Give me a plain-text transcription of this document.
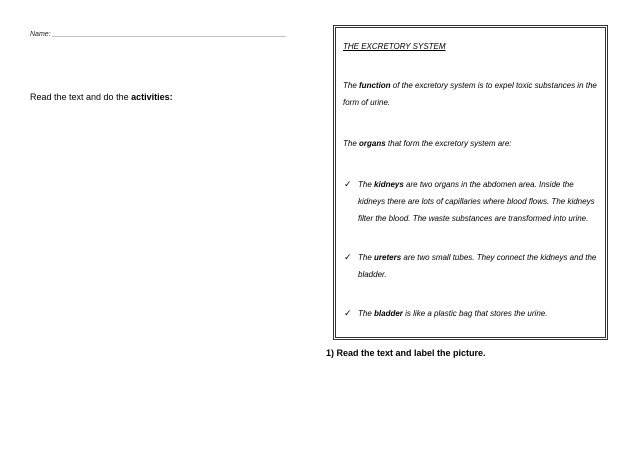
Name: ____________________________________________________________
Read the text and do the activities:
THE EXCRETORY SYSTEM
The function of the excretory system is to expel toxic substances in the form of urine.
The organs that form the excretory system are:
✓ The kidneys are two organs in the abdomen area. Inside the kidneys there are lots of capillaries where blood flows. The kidneys filter the blood. The waste substances are transformed into urine.
✓ The ureters are two small tubes. They connect the kidneys and the bladder.
✓ The bladder is like a plastic bag that stores the urine.
1) Read the text and label the picture.
